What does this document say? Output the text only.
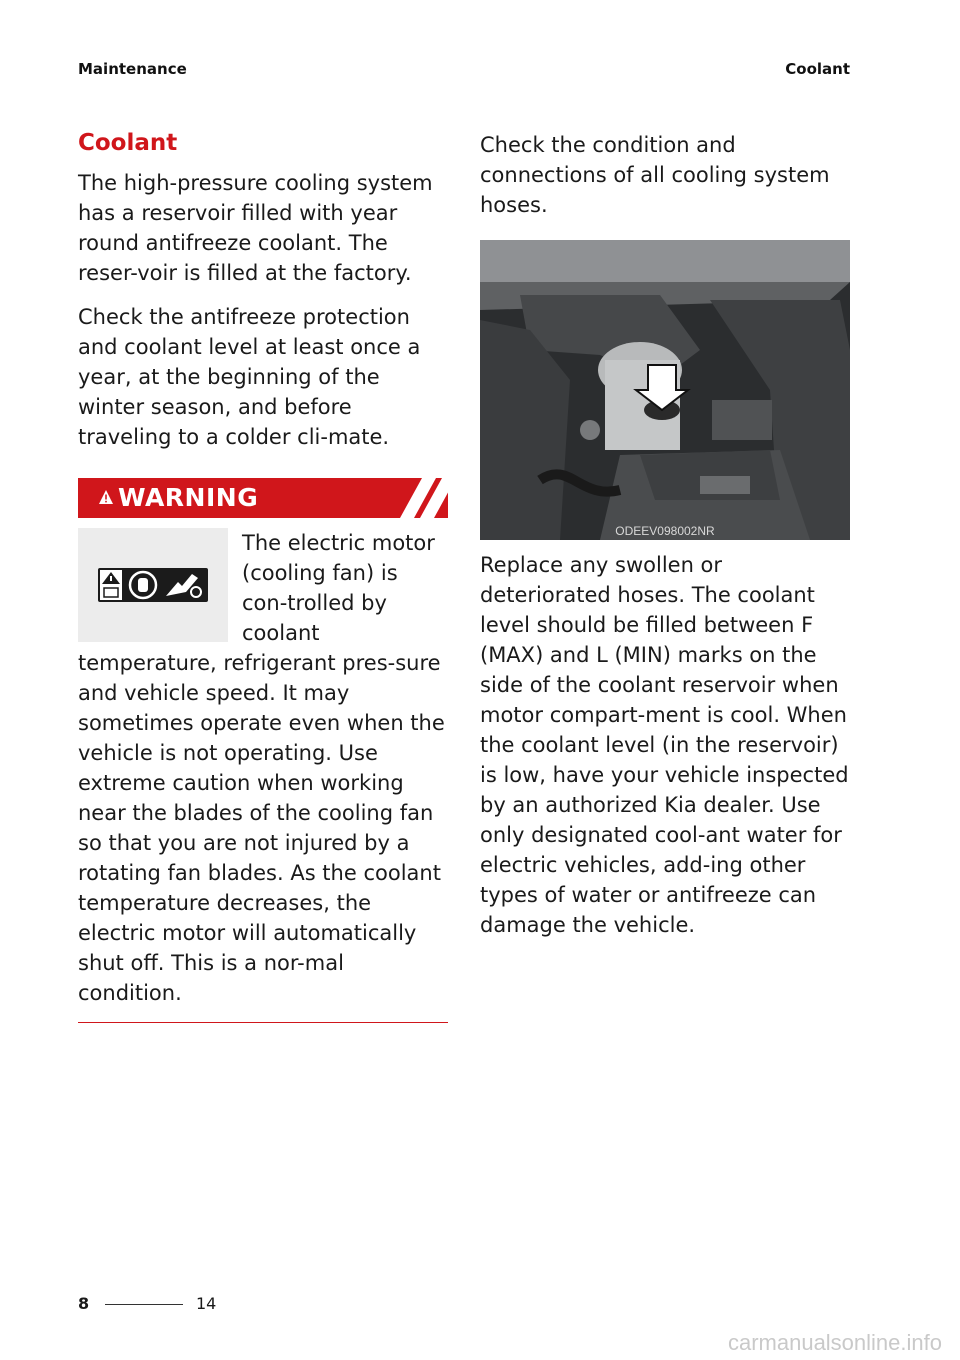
Maintenance	Coolant
Coolant

The high-pressure cooling system has a reservoir filled with year round antifreeze coolant. The reser-voir is filled at the factory.

Check the antifreeze protection and coolant level at least once a year, at the beginning of the winter season, and before traveling to a colder cli-mate.

WARNING
The electric motor (cooling fan) is con-trolled by coolant temperature, refrigerant pres-sure and vehicle speed. It may sometimes operate even when the vehicle is not operating. Use extreme caution when working near the blades of the cooling fan so that you are not injured by a rotating fan blades. As the coolant temperature decreases, the electric motor will automatically shut off. This is a nor-mal condition.

Check the condition and connections of all cooling system hoses.

ODEEV098002NR

Replace any swollen or deteriorated hoses. The coolant level should be filled between F (MAX) and L (MIN) marks on the side of the coolant reservoir when motor compart-ment is cool. When the coolant level (in the reservoir) is low, have your vehicle inspected by an authorized Kia dealer. Use only designated cool-ant water for electric vehicles, add-ing other types of water or antifreeze can damage the vehicle.

8	14
carmanualsonline.info
